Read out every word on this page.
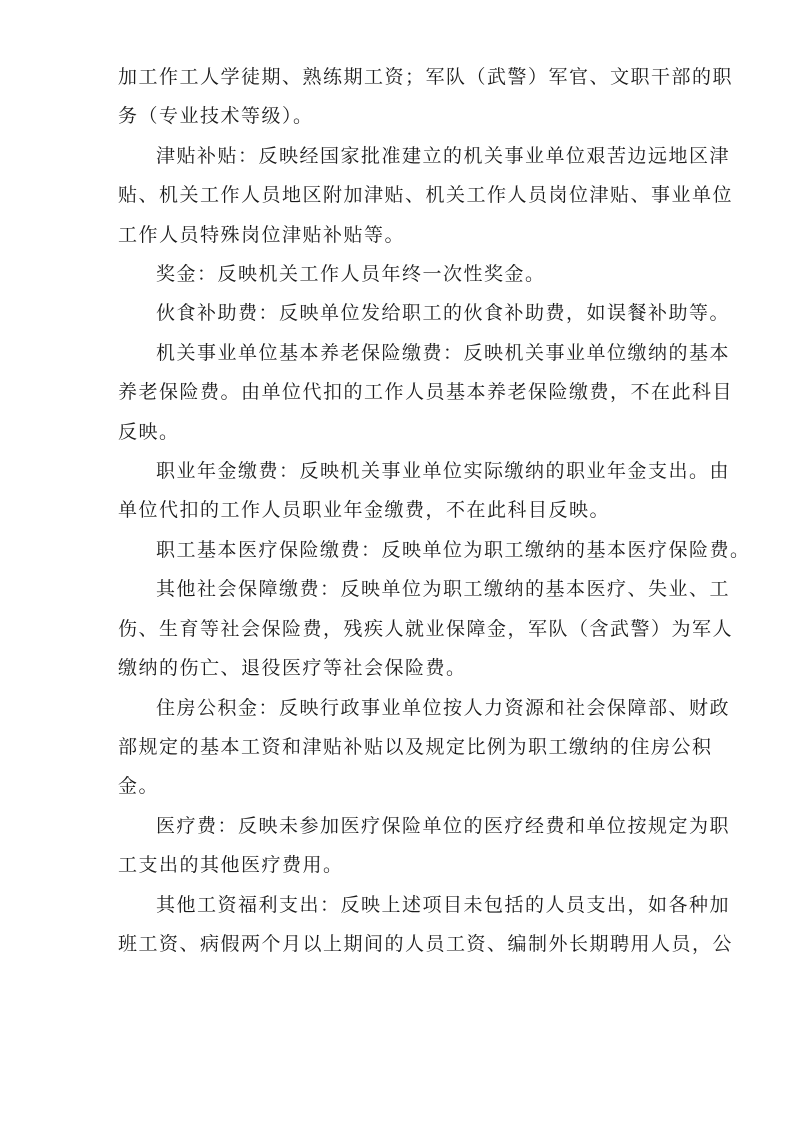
加工作工人学徒期、熟练期工资；军队（武警）军官、文职干部的职
务（专业技术等级）。

津贴补贴：反映经国家批准建立的机关事业单位艰苦边远地区津
贴、机关工作人员地区附加津贴、机关工作人员岗位津贴、事业单位
工作人员特殊岗位津贴补贴等。

奖金：反映机关工作人员年终一次性奖金。

伙食补助费：反映单位发给职工的伙食补助费，如误餐补助等。

机关事业单位基本养老保险缴费：反映机关事业单位缴纳的基本
养老保险费。由单位代扣的工作人员基本养老保险缴费，不在此科目
反映。

职业年金缴费：反映机关事业单位实际缴纳的职业年金支出。由
单位代扣的工作人员职业年金缴费，不在此科目反映。

职工基本医疗保险缴费：反映单位为职工缴纳的基本医疗保险费。

其他社会保障缴费：反映单位为职工缴纳的基本医疗、失业、工
伤、生育等社会保险费，残疾人就业保障金，军队（含武警）为军人
缴纳的伤亡、退役医疗等社会保险费。

住房公积金：反映行政事业单位按人力资源和社会保障部、财政
部规定的基本工资和津贴补贴以及规定比例为职工缴纳的住房公积
金。

医疗费：反映未参加医疗保险单位的医疗经费和单位按规定为职
工支出的其他医疗费用。

其他工资福利支出：反映上述项目未包括的人员支出，如各种加
班工资、病假两个月以上期间的人员工资、编制外长期聘用人员，公
